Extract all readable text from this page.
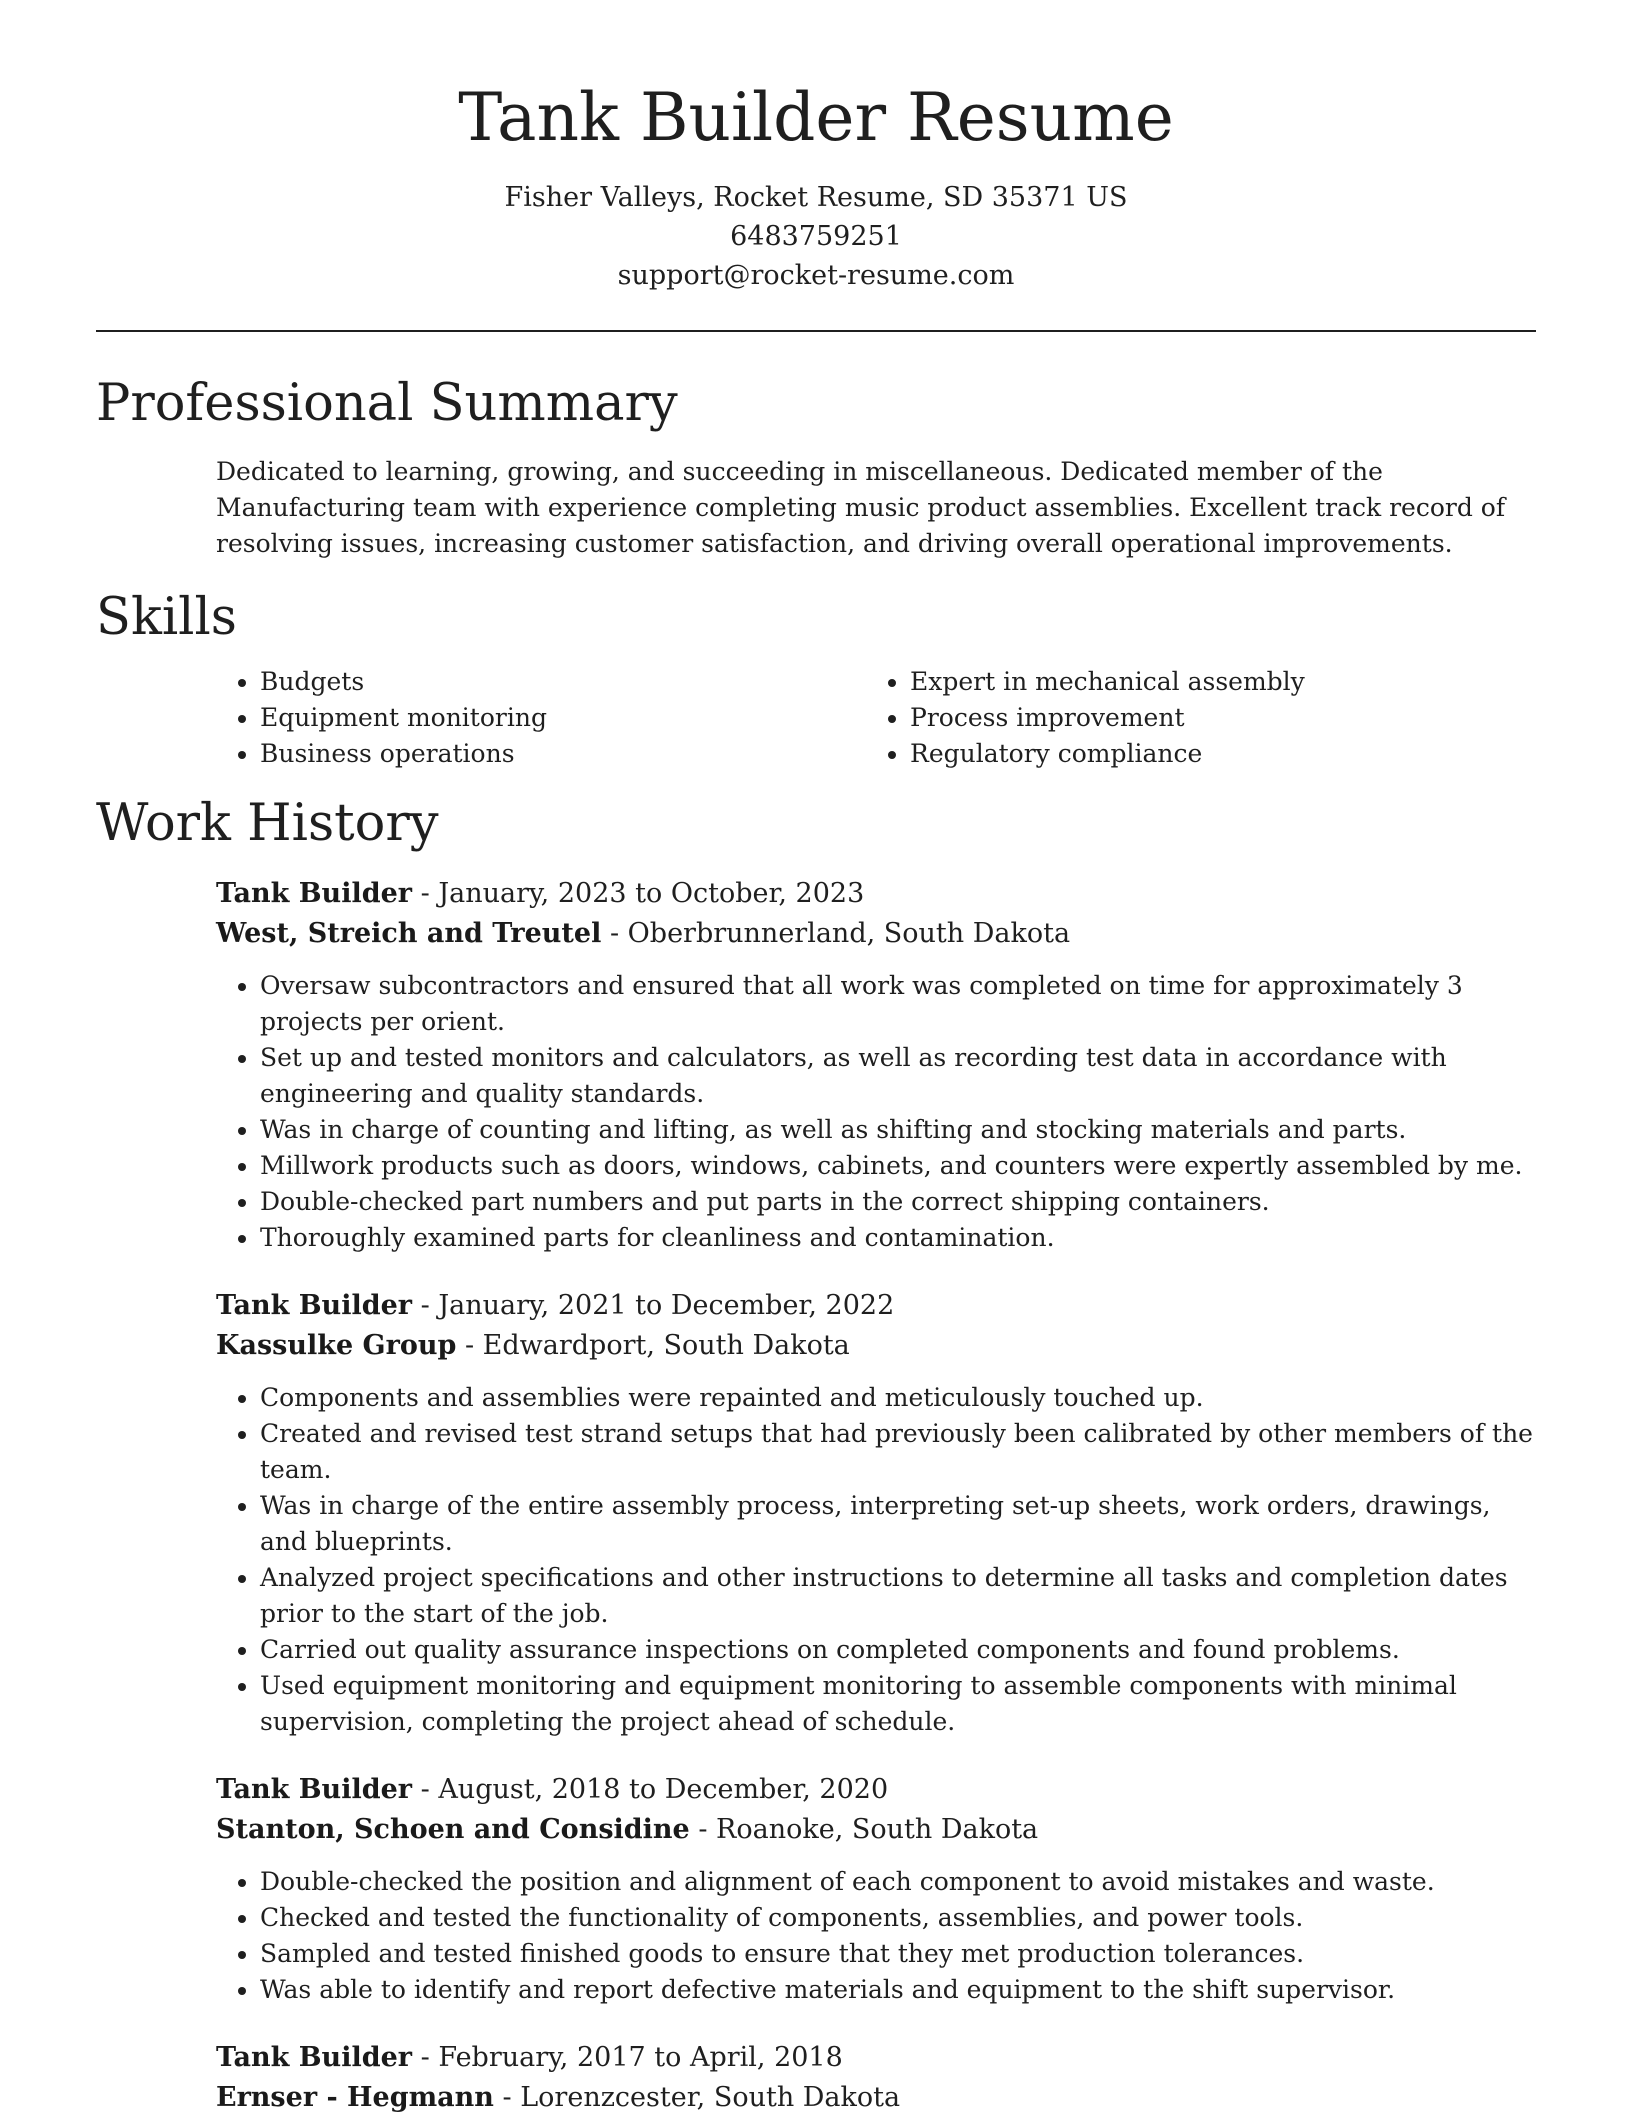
Tank Builder Resume
Fisher Valleys, Rocket Resume, SD 35371 US
6483759251
support@rocket-resume.com
Professional Summary

Dedicated to learning, growing, and succeeding in miscellaneous. Dedicated member of the Manufacturing team with experience completing music product assemblies. Excellent track record of resolving issues, increasing customer satisfaction, and driving overall operational improvements.

Skills
• Budgets
• Equipment monitoring
• Business operations
• Expert in mechanical assembly
• Process improvement
• Regulatory compliance
Work History
Tank Builder - January, 2023 to October, 2023
West, Streich and Treutel - Oberbrunnerland, South Dakota
• Oversaw subcontractors and ensured that all work was completed on time for approximately 3 projects per orient.
• Set up and tested monitors and calculators, as well as recording test data in accordance with engineering and quality standards.
• Was in charge of counting and lifting, as well as shifting and stocking materials and parts.
• Millwork products such as doors, windows, cabinets, and counters were expertly assembled by me.
• Double-checked part numbers and put parts in the correct shipping containers.
• Thoroughly examined parts for cleanliness and contamination.
Tank Builder - January, 2021 to December, 2022
Kassulke Group - Edwardport, South Dakota
• Components and assemblies were repainted and meticulously touched up.
• Created and revised test strand setups that had previously been calibrated by other members of the team.
• Was in charge of the entire assembly process, interpreting set-up sheets, work orders, drawings, and blueprints.
• Analyzed project specifications and other instructions to determine all tasks and completion dates prior to the start of the job.
• Carried out quality assurance inspections on completed components and found problems.
• Used equipment monitoring and equipment monitoring to assemble components with minimal supervision, completing the project ahead of schedule.
Tank Builder - August, 2018 to December, 2020
Stanton, Schoen and Considine - Roanoke, South Dakota
• Double-checked the position and alignment of each component to avoid mistakes and waste.
• Checked and tested the functionality of components, assemblies, and power tools.
• Sampled and tested finished goods to ensure that they met production tolerances.
• Was able to identify and report defective materials and equipment to the shift supervisor.
Tank Builder - February, 2017 to April, 2018
Ernser - Hegmann - Lorenzcester, South Dakota
